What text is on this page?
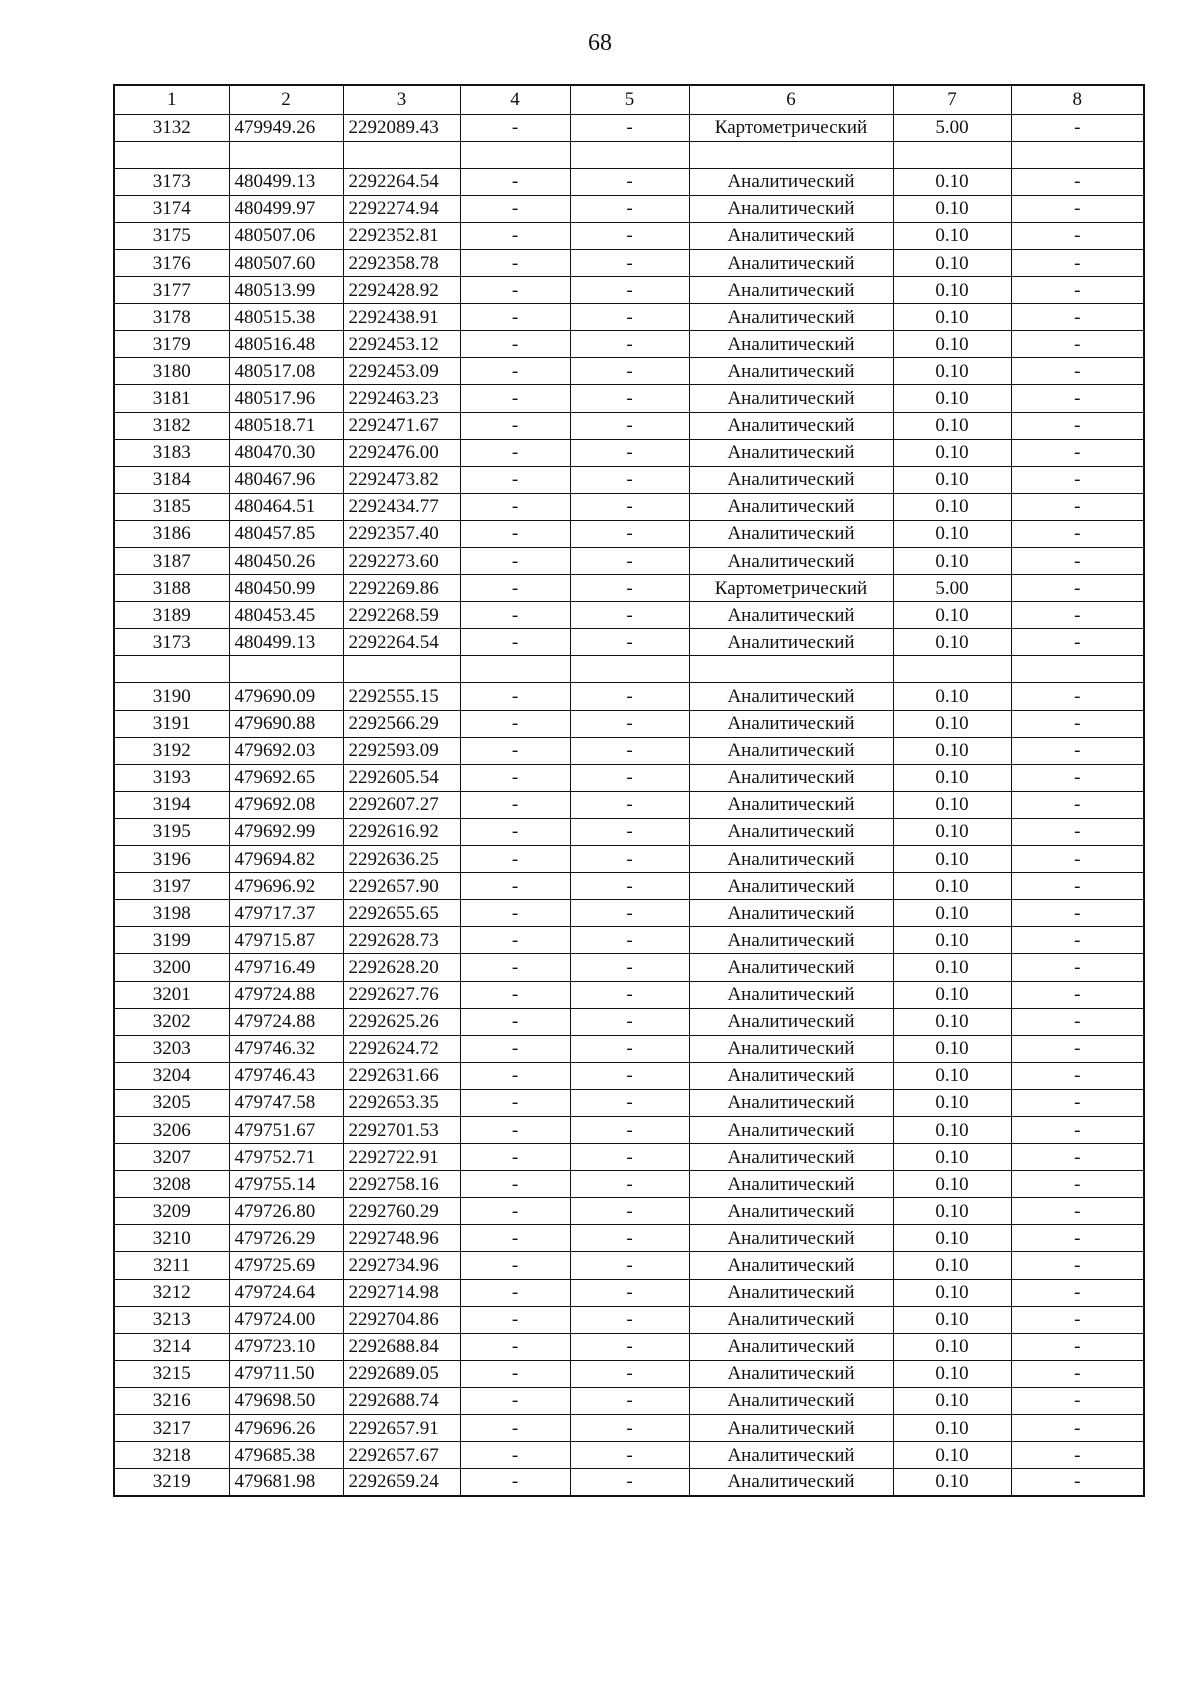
68
1	2	3	4	5	6	7	8
3132	479949.26	2292089.43	-	-	Картометрический	5.00	-

3173	480499.13	2292264.54	-	-	Аналитический	0.10	-
3174	480499.97	2292274.94	-	-	Аналитический	0.10	-
3175	480507.06	2292352.81	-	-	Аналитический	0.10	-
3176	480507.60	2292358.78	-	-	Аналитический	0.10	-
3177	480513.99	2292428.92	-	-	Аналитический	0.10	-
3178	480515.38	2292438.91	-	-	Аналитический	0.10	-
3179	480516.48	2292453.12	-	-	Аналитический	0.10	-
3180	480517.08	2292453.09	-	-	Аналитический	0.10	-
3181	480517.96	2292463.23	-	-	Аналитический	0.10	-
3182	480518.71	2292471.67	-	-	Аналитический	0.10	-
3183	480470.30	2292476.00	-	-	Аналитический	0.10	-
3184	480467.96	2292473.82	-	-	Аналитический	0.10	-
3185	480464.51	2292434.77	-	-	Аналитический	0.10	-
3186	480457.85	2292357.40	-	-	Аналитический	0.10	-
3187	480450.26	2292273.60	-	-	Аналитический	0.10	-
3188	480450.99	2292269.86	-	-	Картометрический	5.00	-
3189	480453.45	2292268.59	-	-	Аналитический	0.10	-
3173	480499.13	2292264.54	-	-	Аналитический	0.10	-

3190	479690.09	2292555.15	-	-	Аналитический	0.10	-
3191	479690.88	2292566.29	-	-	Аналитический	0.10	-
3192	479692.03	2292593.09	-	-	Аналитический	0.10	-
3193	479692.65	2292605.54	-	-	Аналитический	0.10	-
3194	479692.08	2292607.27	-	-	Аналитический	0.10	-
3195	479692.99	2292616.92	-	-	Аналитический	0.10	-
3196	479694.82	2292636.25	-	-	Аналитический	0.10	-
3197	479696.92	2292657.90	-	-	Аналитический	0.10	-
3198	479717.37	2292655.65	-	-	Аналитический	0.10	-
3199	479715.87	2292628.73	-	-	Аналитический	0.10	-
3200	479716.49	2292628.20	-	-	Аналитический	0.10	-
3201	479724.88	2292627.76	-	-	Аналитический	0.10	-
3202	479724.88	2292625.26	-	-	Аналитический	0.10	-
3203	479746.32	2292624.72	-	-	Аналитический	0.10	-
3204	479746.43	2292631.66	-	-	Аналитический	0.10	-
3205	479747.58	2292653.35	-	-	Аналитический	0.10	-
3206	479751.67	2292701.53	-	-	Аналитический	0.10	-
3207	479752.71	2292722.91	-	-	Аналитический	0.10	-
3208	479755.14	2292758.16	-	-	Аналитический	0.10	-
3209	479726.80	2292760.29	-	-	Аналитический	0.10	-
3210	479726.29	2292748.96	-	-	Аналитический	0.10	-
3211	479725.69	2292734.96	-	-	Аналитический	0.10	-
3212	479724.64	2292714.98	-	-	Аналитический	0.10	-
3213	479724.00	2292704.86	-	-	Аналитический	0.10	-
3214	479723.10	2292688.84	-	-	Аналитический	0.10	-
3215	479711.50	2292689.05	-	-	Аналитический	0.10	-
3216	479698.50	2292688.74	-	-	Аналитический	0.10	-
3217	479696.26	2292657.91	-	-	Аналитический	0.10	-
3218	479685.38	2292657.67	-	-	Аналитический	0.10	-
3219	479681.98	2292659.24	-	-	Аналитический	0.10	-
